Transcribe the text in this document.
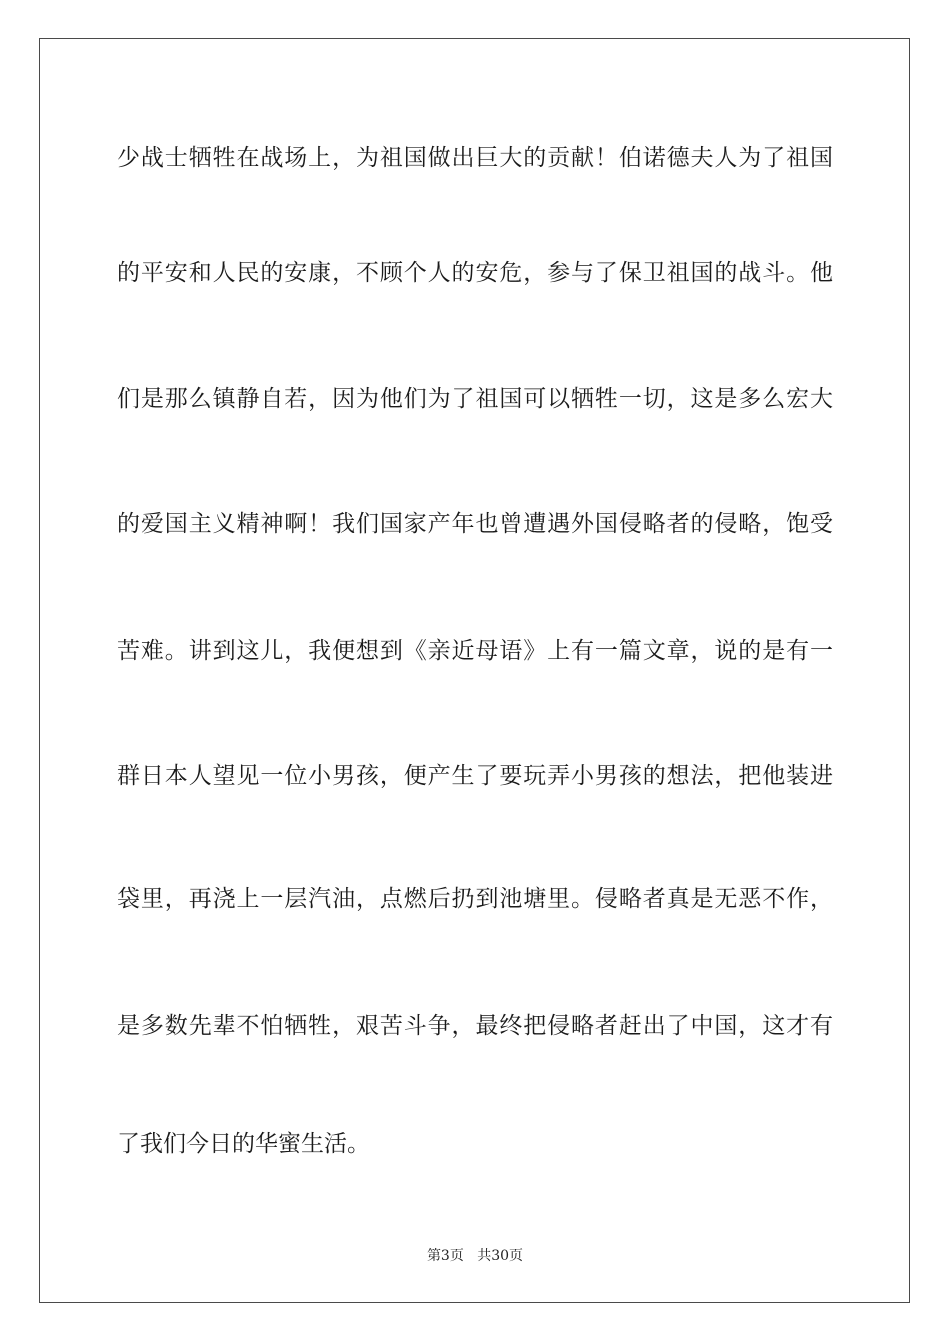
少战士牺牲在战场上，为祖国做出巨大的贡献！伯诺德夫人为了祖国
的平安和人民的安康，不顾个人的安危，参与了保卫祖国的战斗。他
们是那么镇静自若，因为他们为了祖国可以牺牲一切，这是多么宏大
的爱国主义精神啊！我们国家产年也曾遭遇外国侵略者的侵略，饱受
苦难。讲到这儿，我便想到《亲近母语》上有一篇文章，说的是有一
群日本人望见一位小男孩，便产生了要玩弄小男孩的想法，把他装进
袋里，再浇上一层汽油，点燃后扔到池塘里。侵略者真是无恶不作，
是多数先辈不怕牺牲，艰苦斗争，最终把侵略者赶出了中国，这才有
了我们今日的华蜜生活。
第3页 共30页
